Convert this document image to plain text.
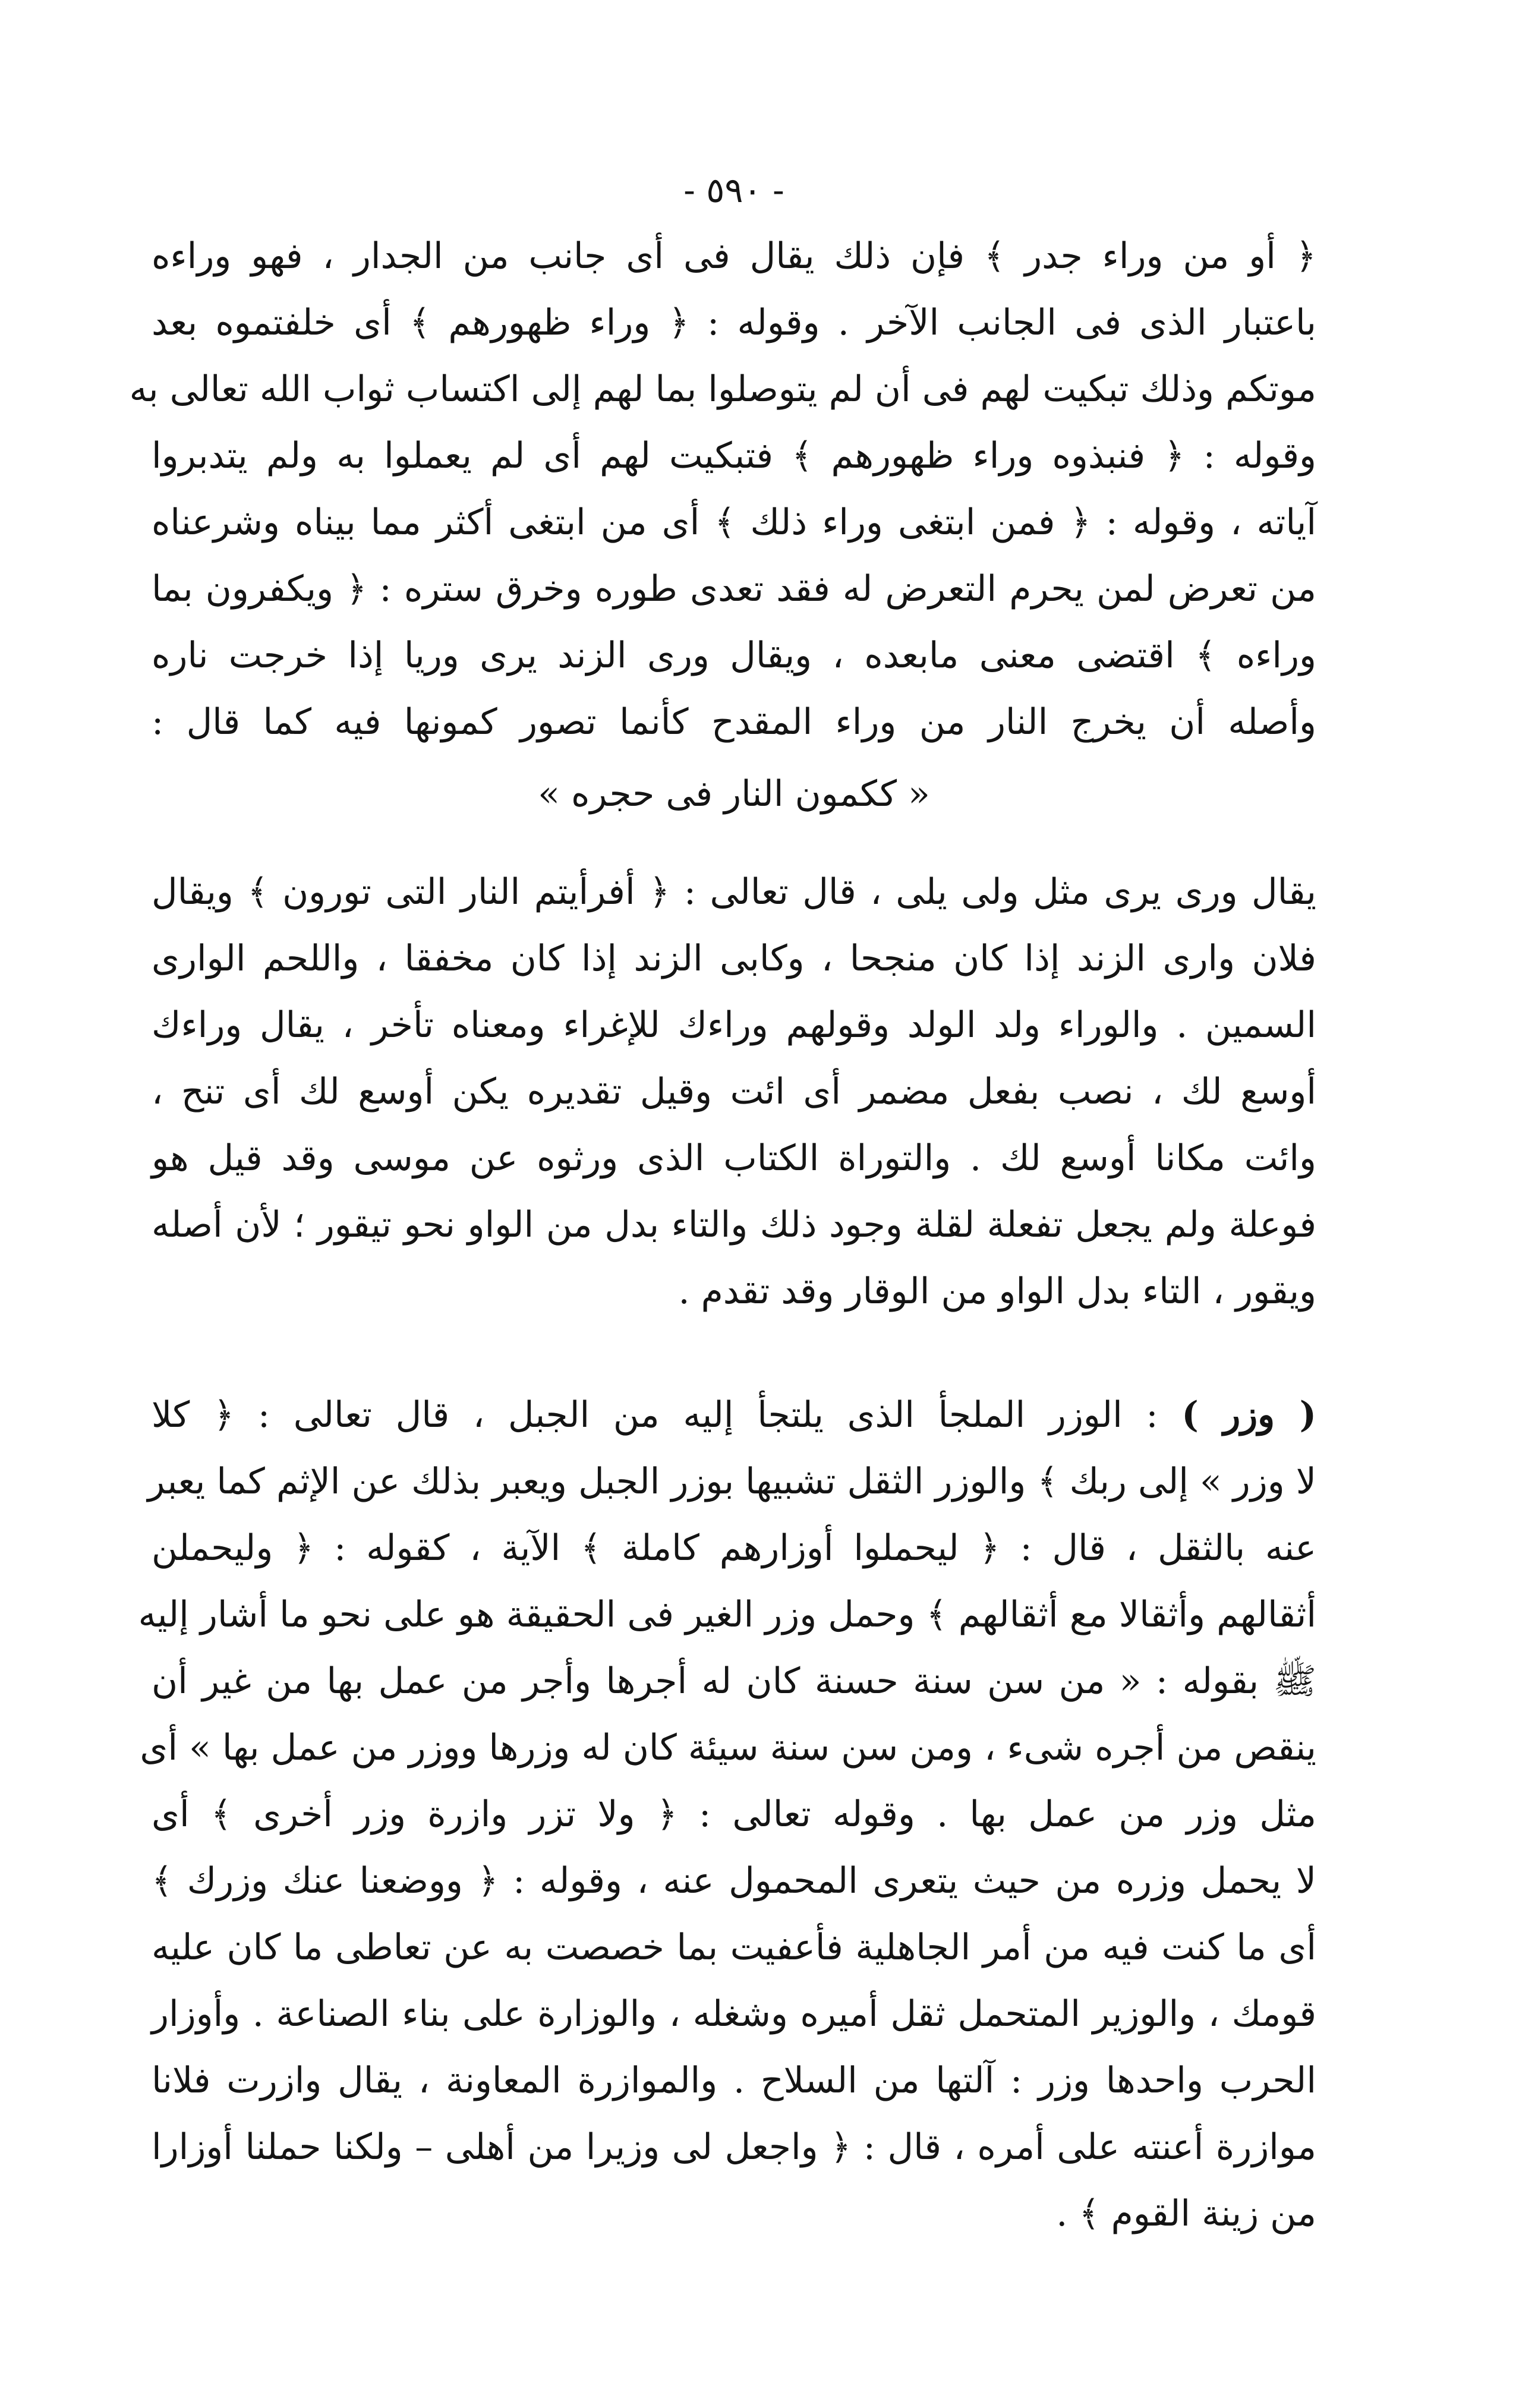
- ٥٩٠ -
﴿ أو من وراء جدر ﴾ فإن ذلك يقال فى أى جانب من الجدار ، فهو وراءه
باعتبار الذى فى الجانب الآخر . وقوله : ﴿ وراء ظهورهم ﴾ أى خلفتموه بعد
موتكم وذلك تبكيت لهم فى أن لم يتوصلوا بما لهم إلى اكتساب ثواب الله تعالى به
وقوله : ﴿ فنبذوه وراء ظهورهم ﴾ فتبكيت لهم أى لم يعملوا به ولم يتدبروا
آياته ، وقوله : ﴿ فمن ابتغى وراء ذلك ﴾ أى من ابتغى أكثر مما بيناه وشرعناه
من تعرض لمن يحرم التعرض له فقد تعدى طوره وخرق ستره : ﴿ ويكفرون بما
وراءه ﴾ اقتضى معنى مابعده ، ويقال ورى الزند يرى وريا إذا خرجت ناره
وأصله أن يخرج النار من وراء المقدح كأنما تصور كمونها فيه كما قال :
« ككمون النار فى حجره »
يقال ورى يرى مثل ولى يلى ، قال تعالى : ﴿ أفرأيتم النار التى تورون ﴾ ويقال
فلان وارى الزند إذا كان منجحا ، وكابى الزند إذا كان مخفقا ، واللحم الوارى
السمين . والوراء ولد الولد وقولهم وراءك للإغراء ومعناه تأخر ، يقال وراءك
أوسع لك ، نصب بفعل مضمر أى ائت وقيل تقديره يكن أوسع لك أى تنح ،
وائت مكانا أوسع لك . والتوراة الكتاب الذى ورثوه عن موسى وقد قيل هو
فوعلة ولم يجعل تفعلة لقلة وجود ذلك والتاء بدل من الواو نحو تيقور ؛ لأن أصله
ويقور ، التاء بدل الواو من الوقار وقد تقدم .
( وزر ) : الوزر الملجأ الذى يلتجأ إليه من الجبل ، قال تعالى : ﴿ كلا
لا وزر » إلى ربك ﴾ والوزر الثقل تشبيها بوزر الجبل ويعبر بذلك عن الإثم كما يعبر
عنه بالثقل ، قال : ﴿ ليحملوا أوزارهم كاملة ﴾ الآية ، كقوله : ﴿ وليحملن
أثقالهم وأثقالا مع أثقالهم ﴾ وحمل وزر الغير فى الحقيقة هو على نحو ما أشار إليه
ﷺ بقوله : « من سن سنة حسنة كان له أجرها وأجر من عمل بها من غير أن
ينقص من أجره شىء ، ومن سن سنة سيئة كان له وزرها ووزر من عمل بها » أى
مثل وزر من عمل بها . وقوله تعالى : ﴿ ولا تزر وازرة وزر أخرى ﴾ أى
لا يحمل وزره من حيث يتعرى المحمول عنه ، وقوله : ﴿ ووضعنا عنك وزرك ﴾
أى ما كنت فيه من أمر الجاهلية فأعفيت بما خصصت به عن تعاطى ما كان عليه
قومك ، والوزير المتحمل ثقل أميره وشغله ، والوزارة على بناء الصناعة . وأوزار
الحرب واحدها وزر : آلتها من السلاح . والموازرة المعاونة ، يقال وازرت فلانا
موازرة أعنته على أمره ، قال : ﴿ واجعل لى وزيرا من أهلى – ولكنا حملنا أوزارا
من زينة القوم ﴾ .
